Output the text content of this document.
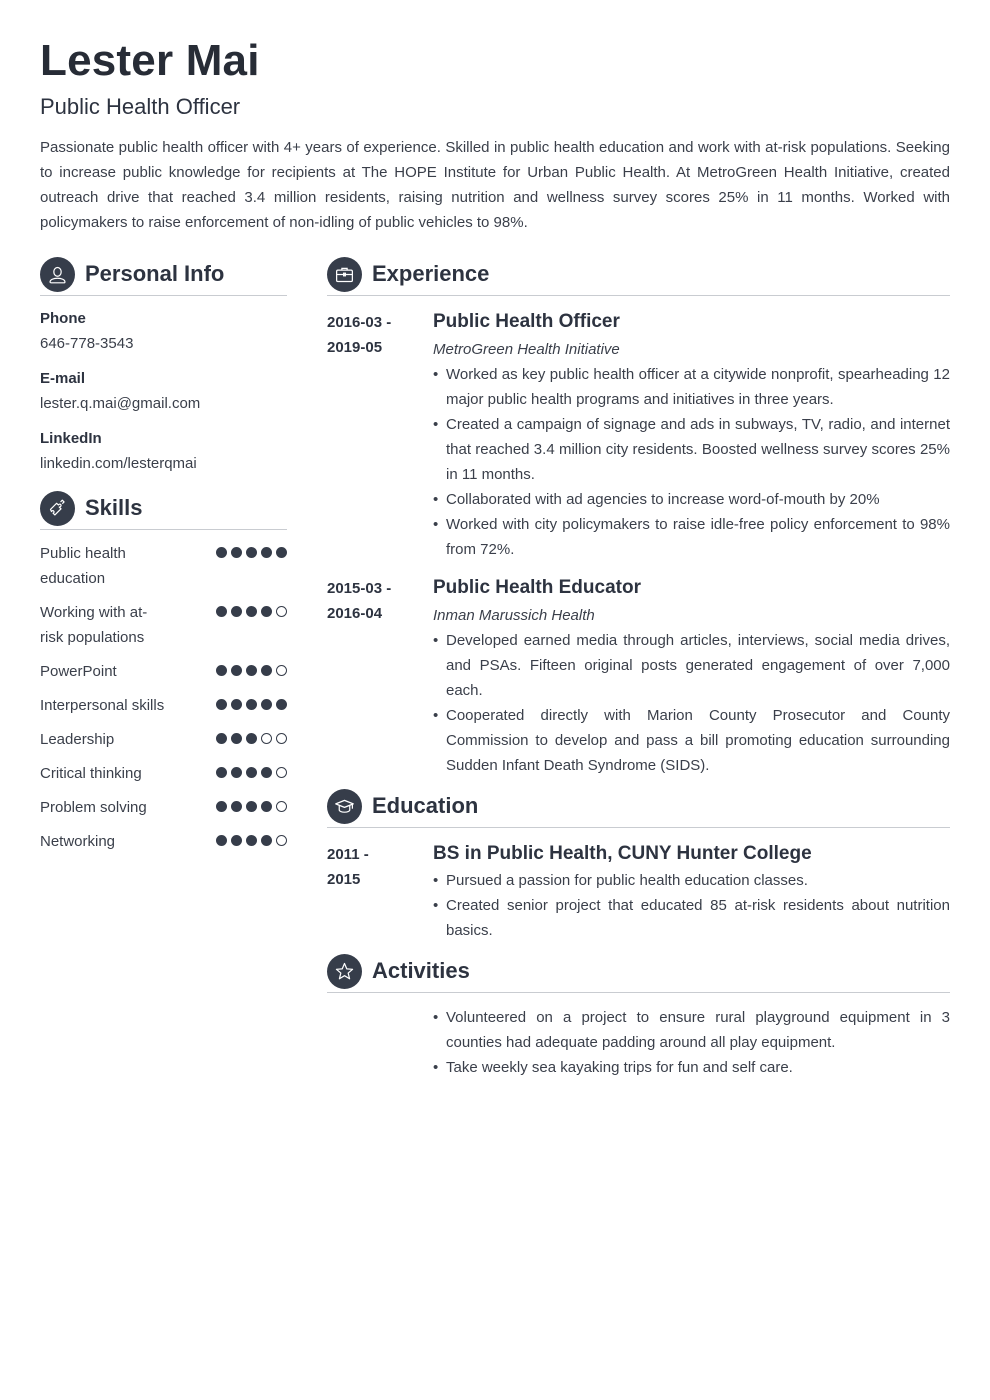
Lester Mai
Public Health Officer
Passionate public health officer with 4+ years of experience. Skilled in public health education and work with at-risk populations. Seeking to increase public knowledge for recipients at The HOPE Institute for Urban Public Health. At MetroGreen Health Initiative, created outreach drive that reached 3.4 million residents, raising nutrition and wellness survey scores 25% in 11 months. Worked with policymakers to raise enforcement of non-idling of public vehicles to 98%.
Personal Info
Phone
646-778-3543
E-mail
lester.q.mai@gmail.com
LinkedIn
linkedin.com/lesterqmai
Skills
Public health education
Working with at-risk populations
PowerPoint
Interpersonal skills
Leadership
Critical thinking
Problem solving
Networking
Experience
2016-03 -
2019-05
Public Health Officer
MetroGreen Health Initiative
• Worked as key public health officer at a citywide nonprofit, spearheading 12 major public health programs and initiatives in three years.
• Created a campaign of signage and ads in subways, TV, radio, and internet that reached 3.4 million city residents. Boosted wellness survey scores 25% in 11 months.
• Collaborated with ad agencies to increase word-of-mouth by 20%
• Worked with city policymakers to raise idle-free policy enforcement to 98% from 72%.
2015-03 -
2016-04
Public Health Educator
Inman Marussich Health
• Developed earned media through articles, interviews, social media drives, and PSAs. Fifteen original posts generated engagement of over 7,000 each.
• Cooperated directly with Marion County Prosecutor and County Commission to develop and pass a bill promoting education surrounding Sudden Infant Death Syndrome (SIDS).
Education
2011 -
2015
BS in Public Health, CUNY Hunter College
• Pursued a passion for public health education classes.
• Created senior project that educated 85 at-risk residents about nutrition basics.
Activities
• Volunteered on a project to ensure rural playground equipment in 3 counties had adequate padding around all play equipment.
• Take weekly sea kayaking trips for fun and self care.
